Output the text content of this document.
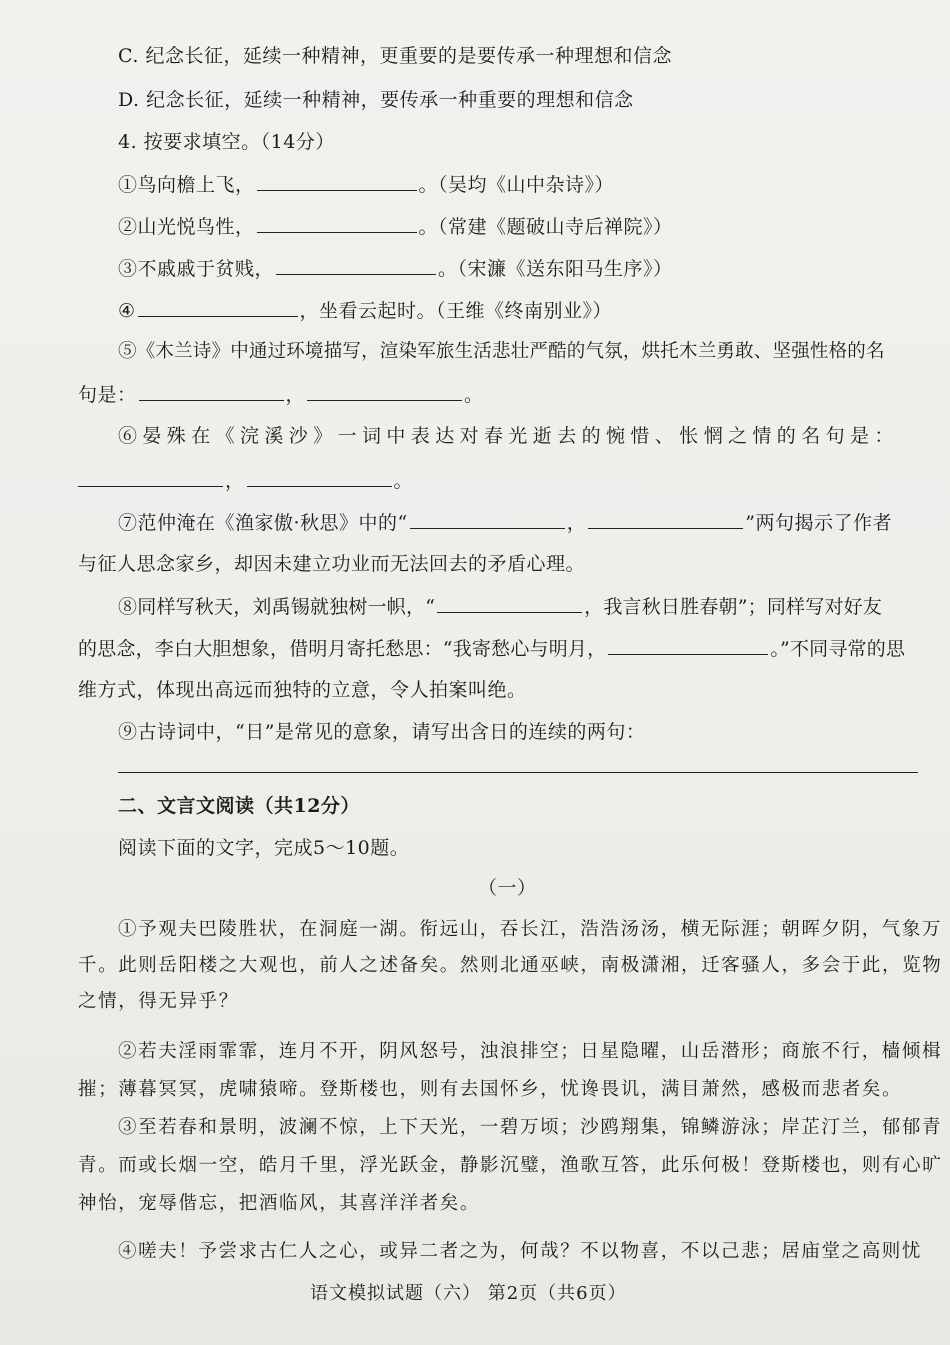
C. 纪念长征，延续一种精神，更重要的是要传承一种理想和信念
D. 纪念长征，延续一种精神，要传承一种重要的理想和信念
4. 按要求填空。（14分）
①鸟向檐上飞，	。（吴均《山中杂诗》）
②山光悦鸟性，	。（常建《题破山寺后禅院》）
③不戚戚于贫贱，	。（宋濂《送东阳马生序》）
④	，坐看云起时。（王维《终南别业》）
⑤《木兰诗》中通过环境描写，渲染军旅生活悲壮严酷的气氛，烘托木兰勇敢、坚强性格的名
句是：	，	。
⑥晏殊在《浣溪沙》一词中表达对春光逝去的惋惜、怅惘之情的名句是：
，	。
⑦范仲淹在《渔家傲·秋思》中的“	，	”两句揭示了作者
与征人思念家乡，却因未建立功业而无法回去的矛盾心理。
⑧同样写秋天，刘禹锡就独树一帜，“	，我言秋日胜春朝”；同样写对好友
的思念，李白大胆想象，借明月寄托愁思：“我寄愁心与明月，	。”不同寻常的思
维方式，体现出高远而独特的立意，令人拍案叫绝。
⑨古诗词中，“日”是常见的意象，请写出含日的连续的两句：
二、文言文阅读（共12分）
阅读下面的文字，完成5～10题。
（一）
①予观夫巴陵胜状，在洞庭一湖。衔远山，吞长江，浩浩汤汤，横无际涯；朝晖夕阴，气象万
千。此则岳阳楼之大观也，前人之述备矣。然则北通巫峡，南极潇湘，迁客骚人，多会于此，览物
之情，得无异乎？
②若夫淫雨霏霏，连月不开，阴风怒号，浊浪排空；日星隐曜，山岳潜形；商旅不行，樯倾楫
摧；薄暮冥冥，虎啸猿啼。登斯楼也，则有去国怀乡，忧谗畏讥，满目萧然，感极而悲者矣。
③至若春和景明，波澜不惊，上下天光，一碧万顷；沙鸥翔集，锦鳞游泳；岸芷汀兰，郁郁青
青。而或长烟一空，皓月千里，浮光跃金，静影沉璧，渔歌互答，此乐何极！登斯楼也，则有心旷
神怡，宠辱偕忘，把酒临风，其喜洋洋者矣。
④嗟夫！予尝求古仁人之心，或异二者之为，何哉？不以物喜，不以己悲；居庙堂之高则忧
语文模拟试题（六） 第2页（共6页）
